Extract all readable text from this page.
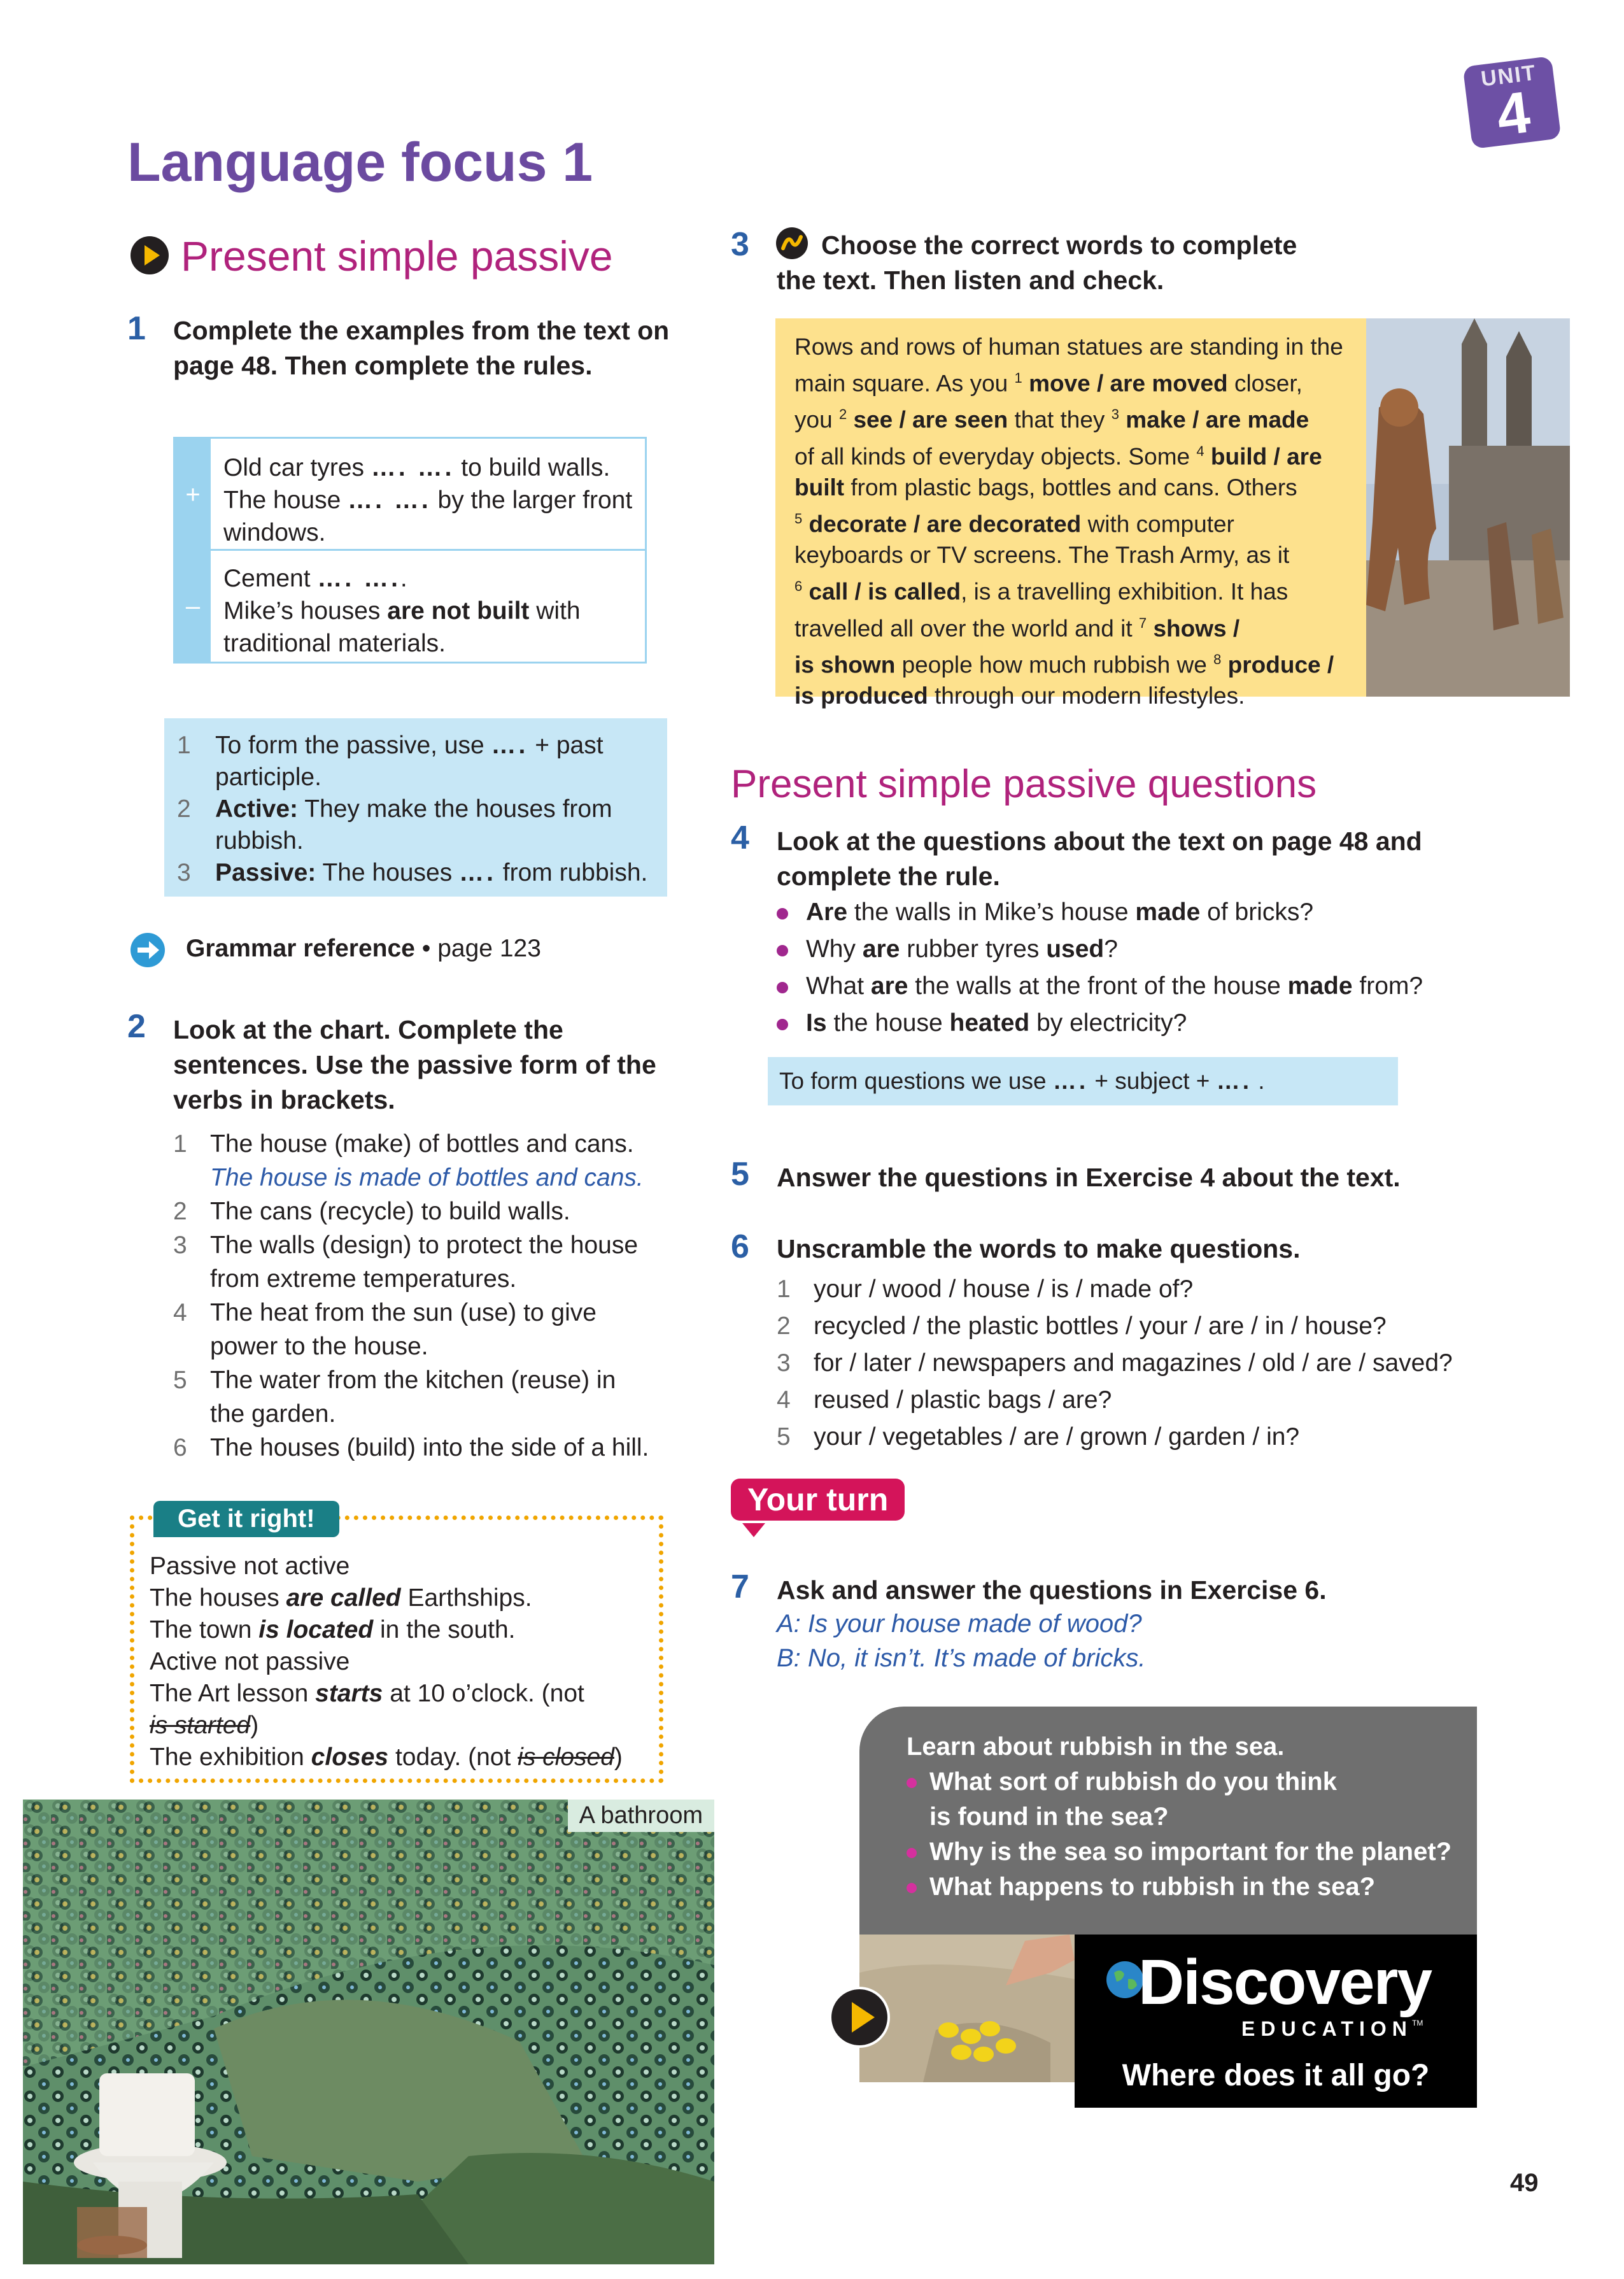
UNIT
4
Language focus 1
Present simple passive
1 Complete the examples from the text on page 48. Then complete the rules.
+
–
Old car tyres …. …. to build walls.
The house …. …. by the larger front
windows.
Cement …. …..
Mike’s houses are not built with
traditional materials.
1 To form the passive, use …. + past
participle.
2 Active: They make the houses from
rubbish.
3 Passive: The houses …. from rubbish.
Grammar reference • page 123
2 Look at the chart. Complete the sentences. Use the passive form of the verbs in brackets.
1 The house (make) of bottles and cans.
The house is made of bottles and cans.
2 The cans (recycle) to build walls.
3 The walls (design) to protect the house
from extreme temperatures.
4 The heat from the sun (use) to give
power to the house.
5 The water from the kitchen (reuse) in
the garden.
6 The houses (build) into the side of a hill.
Get it right!
Passive not active
The houses are called Earthships.
The town is located in the south.
Active not passive
The Art lesson starts at 10 o’clock. (not
is started)
The exhibition closes today. (not is closed)
A bathroom
3	Choose the correct words to complete
the text. Then listen and check.
Rows and rows of human statues are standing in the
main square. As you $^1$ move / are moved closer,
you $^2$ see / are seen that they $^3$ make / are made
of all kinds of everyday objects. Some $^4$ build / are
built from plastic bags, bottles and cans. Others
$^5$ decorate / are decorated with computer
keyboards or TV screens. The Trash Army, as it
$^6$ call / is called, is a travelling exhibition. It has
travelled all over the world and it $^7$ shows /
is shown people how much rubbish we $^8$ produce /
is produced through our modern lifestyles.
Present simple passive questions
4 Look at the questions about the text on page 48 and complete the rule.
Are the walls in Mike’s house made of bricks?
Why are rubber tyres used?
What are the walls at the front of the house made from?
Is the house heated by electricity?
To form questions we use …. + subject + …. .
5 Answer the questions in Exercise 4 about the text.
6 Unscramble the words to make questions.
1 your / wood / house / is / made of?
2 recycled / the plastic bottles / your / are / in / house?
3 for / later / newspapers and magazines / old / are / saved?
4 reused / plastic bags / are?
5 your / vegetables / are / grown / garden / in?
Your turn
7 Ask and answer the questions in Exercise 6.
A: Is your house made of wood?
B: No, it isn’t. It’s made of bricks.
Learn about rubbish in the sea.
What sort of rubbish do you think
is found in the sea?
Why is the sea so important for the planet?
What happens to rubbish in the sea?
Discovery
EDUCATION TM
Where does it all go?
49
